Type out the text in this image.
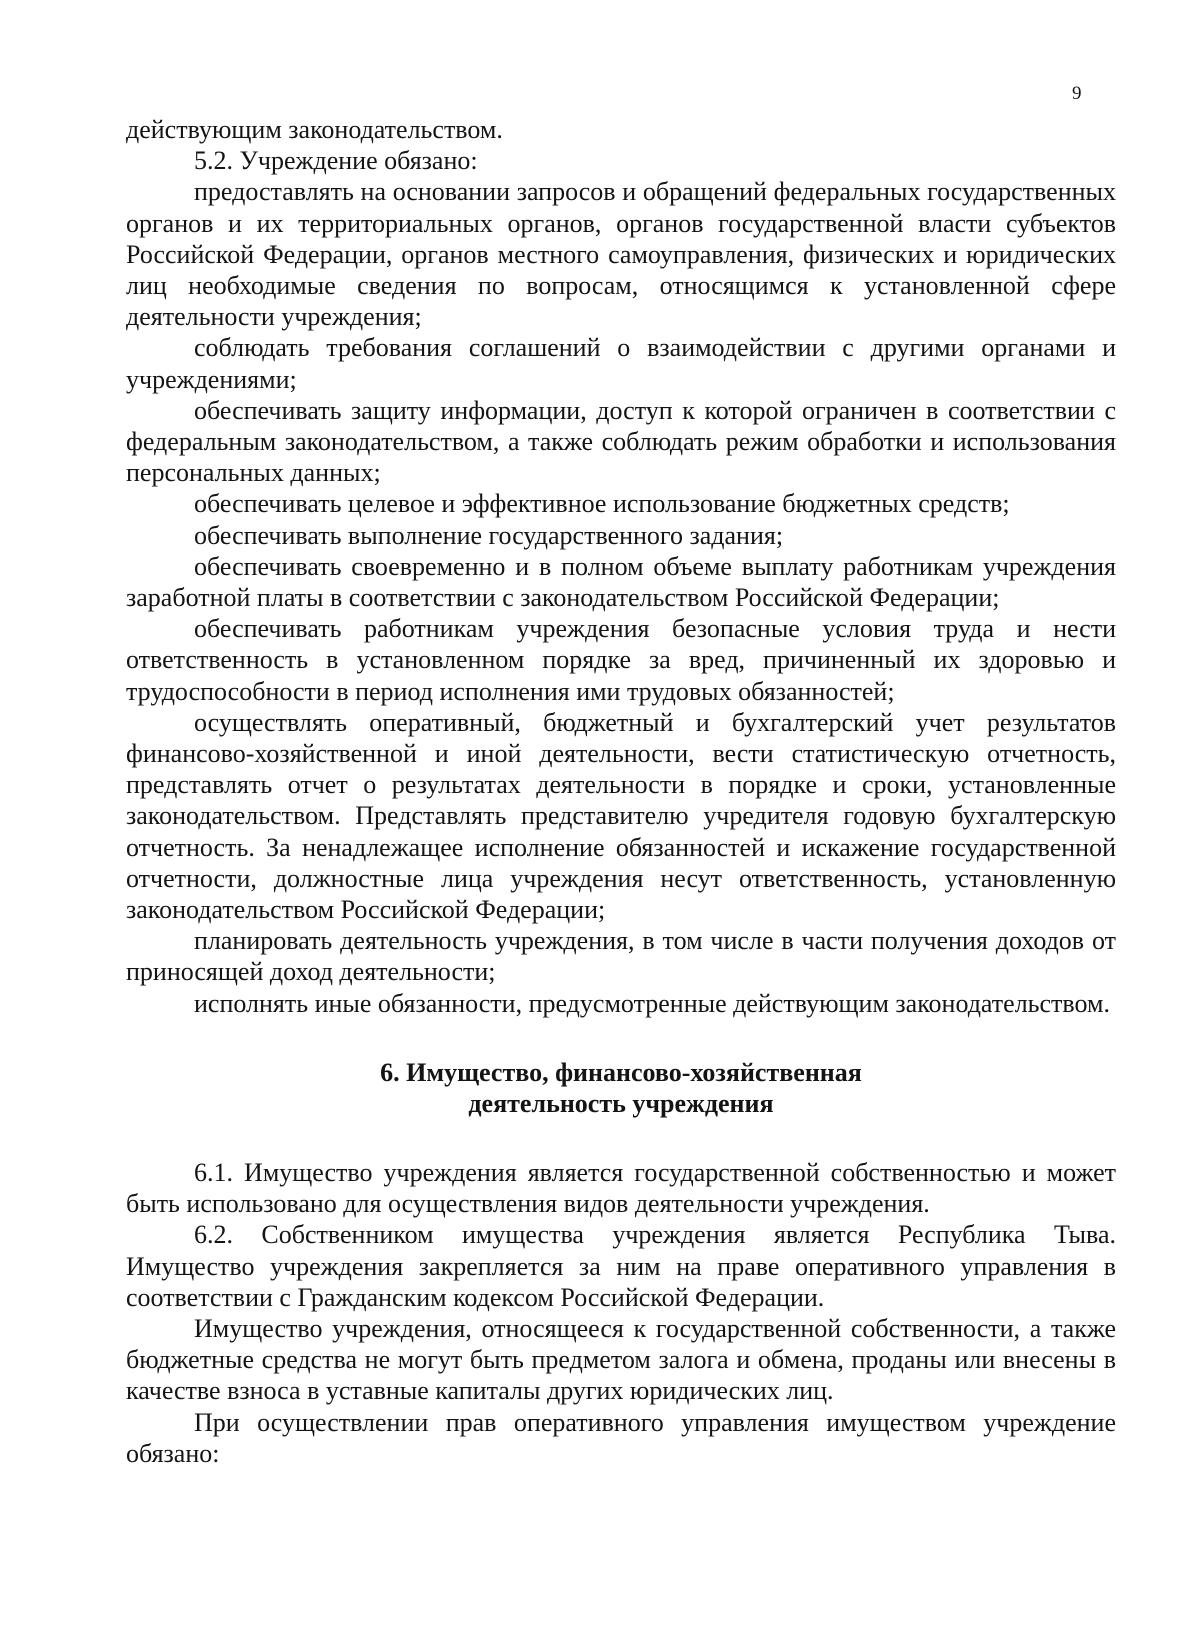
9

действующим законодательством.

5.2. Учреждение обязано:

предоставлять на основании запросов и обращений федеральных государственных органов и их территориальных органов, органов государственной власти субъектов Российской Федерации, органов местного самоуправления, физических и юридических лиц необходимые сведения по вопросам, относящимся к установленной сфере деятельности учреждения;

соблюдать требования соглашений о взаимодействии с другими органами и учреждениями;

обеспечивать защиту информации, доступ к которой ограничен в соответствии с федеральным законодательством, а также соблюдать режим обработки и использования персональных данных;

обеспечивать целевое и эффективное использование бюджетных средств;

обеспечивать выполнение государственного задания;

обеспечивать своевременно и в полном объеме выплату работникам учреждения заработной платы в соответствии с законодательством Российской Федерации;

обеспечивать работникам учреждения безопасные условия труда и нести ответственность в установленном порядке за вред, причиненный их здоровью и трудоспособности в период исполнения ими трудовых обязанностей;

осуществлять оперативный, бюджетный и бухгалтерский учет результатов финансово-хозяйственной и иной деятельности, вести статистическую отчетность, представлять отчет о результатах деятельности в порядке и сроки, установленные законодательством. Представлять представителю учредителя годовую бухгалтерскую отчетность. За ненадлежащее исполнение обязанностей и искажение государственной отчетности, должностные лица учреждения несут ответственность, установленную законодательством Российской Федерации;

планировать деятельность учреждения, в том числе в части получения доходов от приносящей доход деятельности;

исполнять иные обязанности, предусмотренные действующим законодательством.

6. Имущество, финансово-хозяйственная
деятельность учреждения

6.1. Имущество учреждения является государственной собственностью и может быть использовано для осуществления видов деятельности учреждения.

6.2. Собственником имущества учреждения является Республика Тыва. Имущество учреждения закрепляется за ним на праве оперативного управления в соответствии с Гражданским кодексом Российской Федерации.

Имущество учреждения, относящееся к государственной собственности, а также бюджетные средства не могут быть предметом залога и обмена, проданы или внесены в качестве взноса в уставные капиталы других юридических лиц.

При осуществлении прав оперативного управления имуществом учреждение обязано:
